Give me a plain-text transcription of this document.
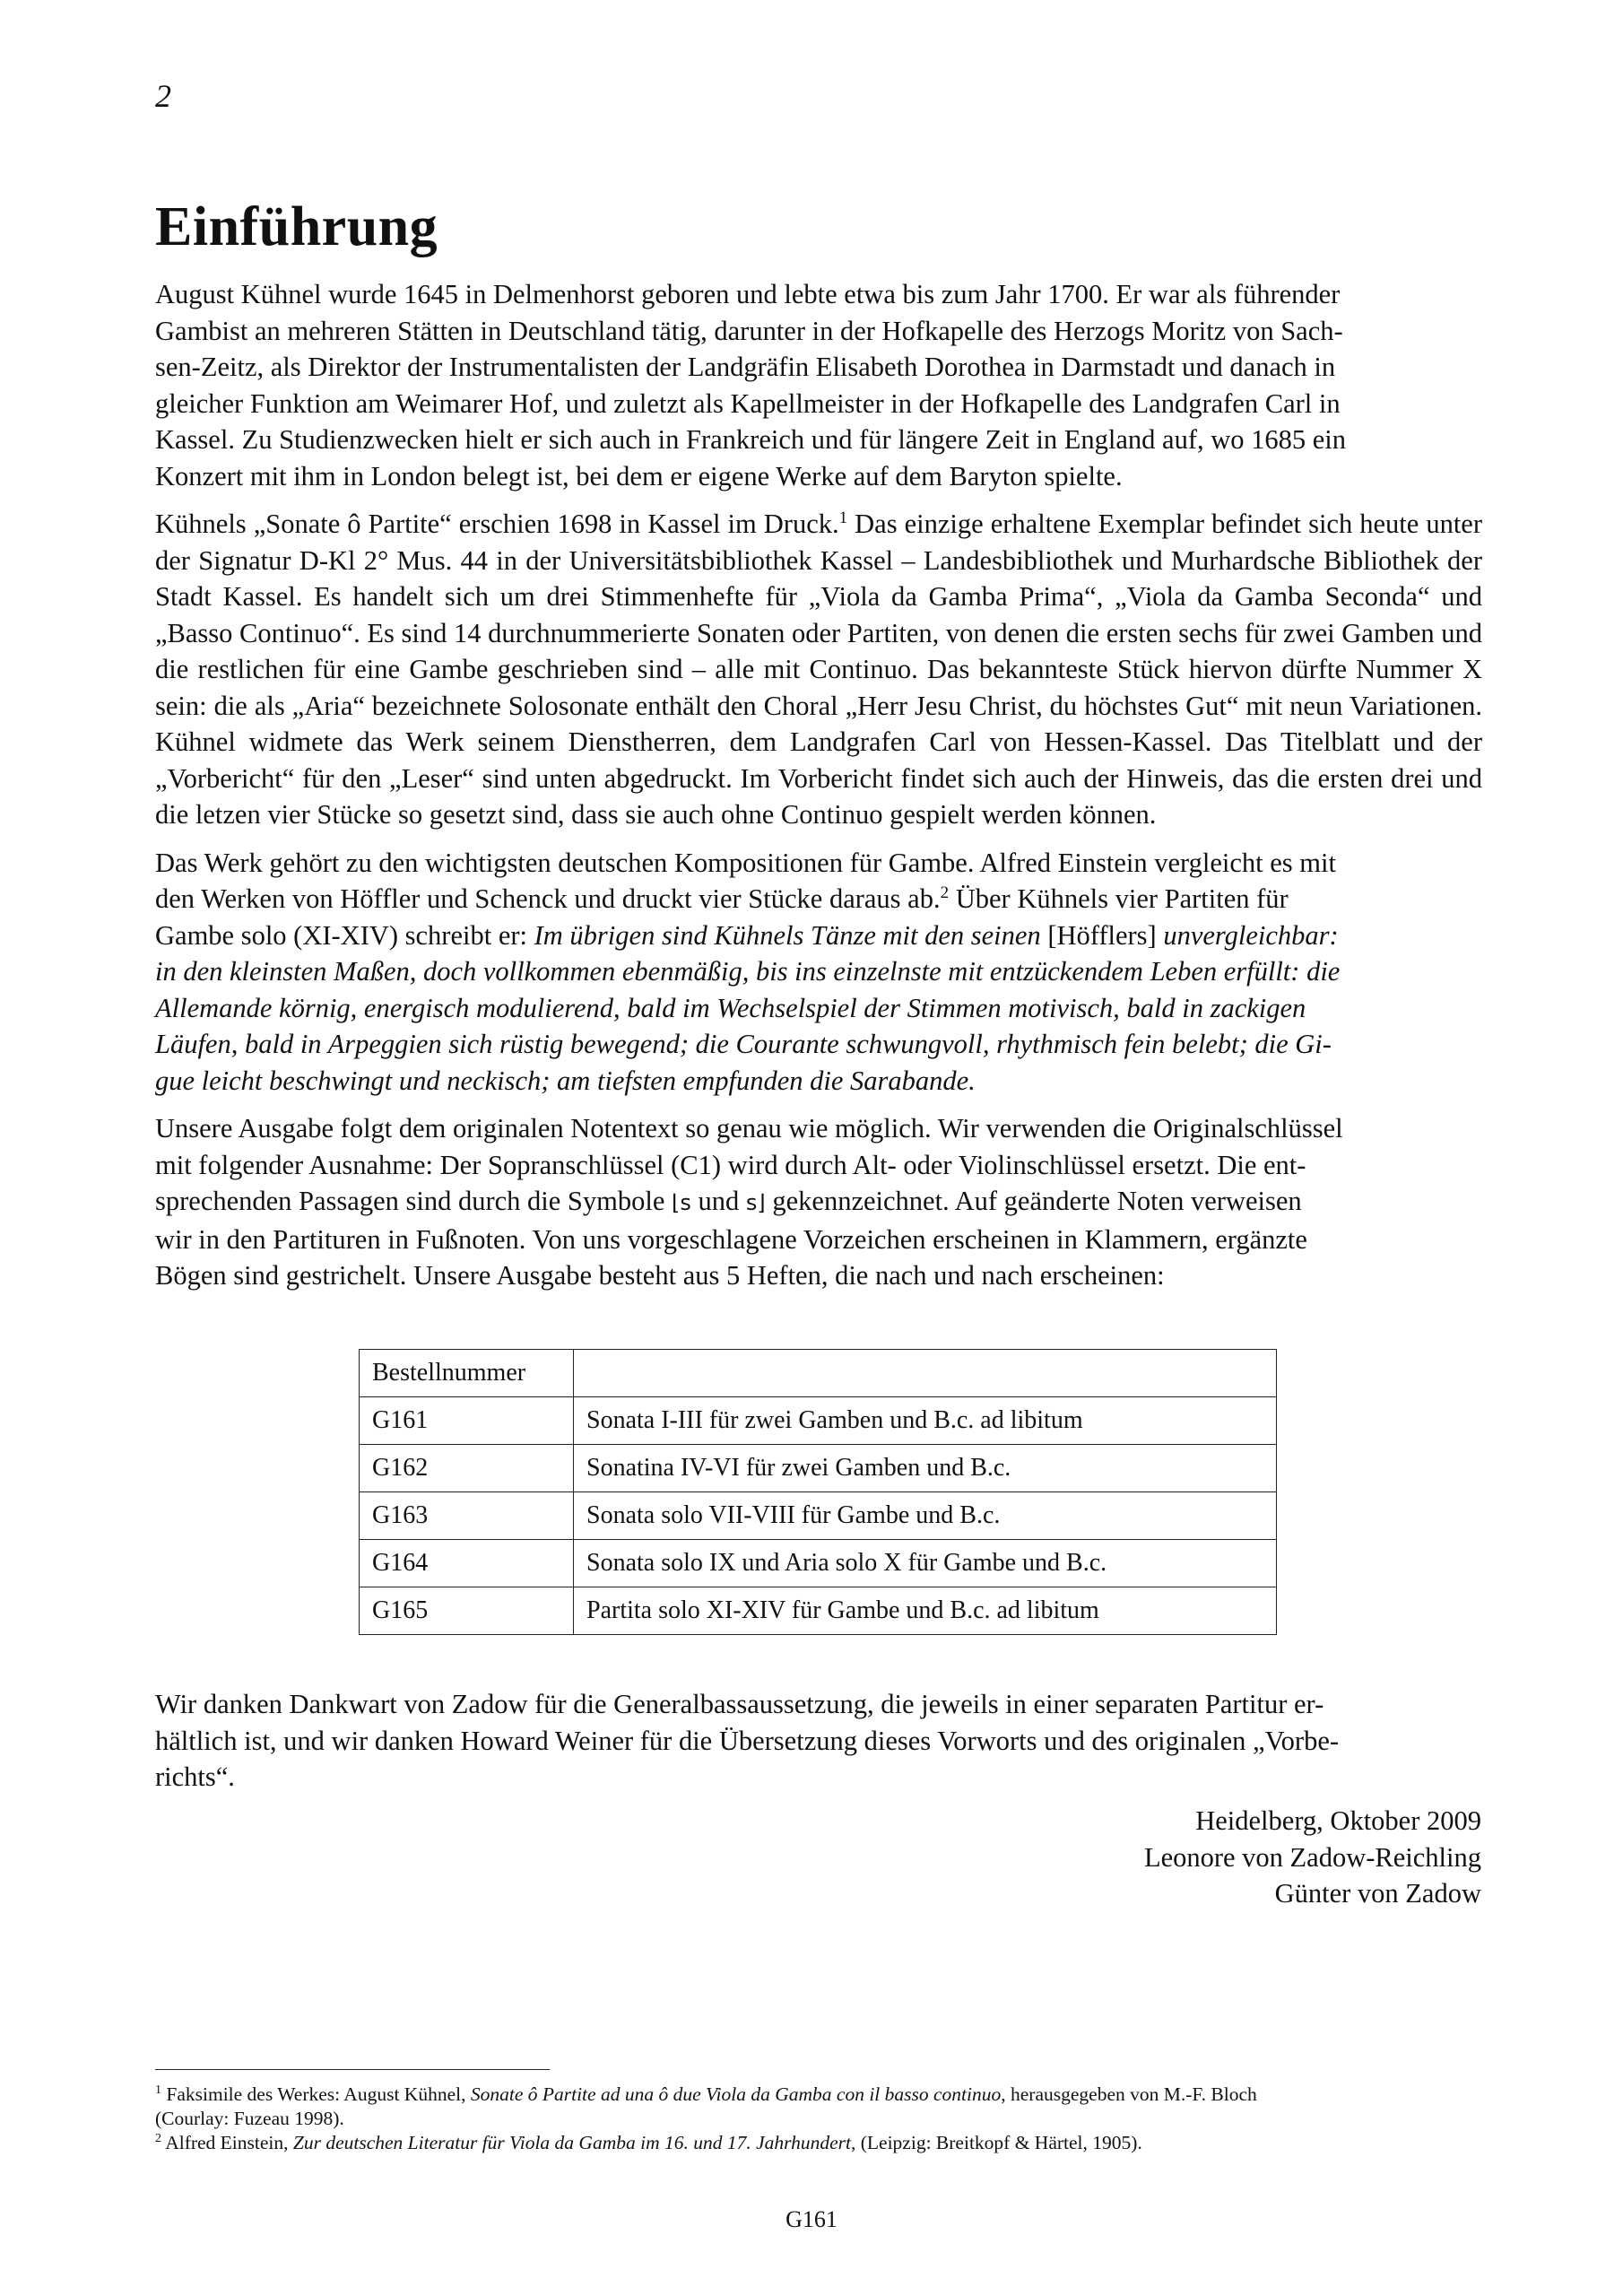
2
Einführung

August Kühnel wurde 1645 in Delmenhorst geboren und lebte etwa bis zum Jahr 1700. Er war als führender
Gambist an mehreren Stätten in Deutschland tätig, darunter in der Hofkapelle des Herzogs Moritz von Sach-
sen-Zeitz, als Direktor der Instrumentalisten der Landgräfin Elisabeth Dorothea in Darmstadt und danach in
gleicher Funktion am Weimarer Hof, und zuletzt als Kapellmeister in der Hofkapelle des Landgrafen Carl in
Kassel. Zu Studienzwecken hielt er sich auch in Frankreich und für längere Zeit in England auf, wo 1685 ein
Konzert mit ihm in London belegt ist, bei dem er eigene Werke auf dem Baryton spielte.

Kühnels „Sonate ô Partite“ erschien 1698 in Kassel im Druck.$^1$ Das einzige erhaltene Exemplar befindet sich heute unter der Signatur D-Kl 2° Mus. 44 in der Universitätsbibliothek Kassel – Landesbibliothek und Murhardsche Bibliothek der Stadt Kassel. Es handelt sich um drei Stimmenhefte für „Viola da Gamba Prima“, „Viola da Gamba Seconda“ und „Basso Continuo“. Es sind 14 durchnummerierte Sonaten oder Partiten, von denen die ersten sechs für zwei Gamben und die restlichen für eine Gambe geschrieben sind – alle mit Continuo. Das bekannteste Stück hiervon dürfte Nummer X sein: die als „Aria“ bezeichnete Solosonate enthält den Choral „Herr Jesu Christ, du höchstes Gut“ mit neun Variationen. Kühnel widmete das Werk seinem Dienstherren, dem Landgrafen Carl von Hessen-Kassel. Das Titelblatt und der „Vorbericht“ für den „Leser“ sind unten abgedruckt. Im Vorbericht findet sich auch der Hinweis, das die ersten drei und die letzen vier Stücke so gesetzt sind, dass sie auch ohne Continuo gespielt werden können.

Das Werk gehört zu den wichtigsten deutschen Kompositionen für Gambe. Alfred Einstein vergleicht es mit
den Werken von Höffler und Schenck und druckt vier Stücke daraus ab.$^2$ Über Kühnels vier Partiten für
Gambe solo (XI-XIV) schreibt er: Im übrigen sind Kühnels Tänze mit den seinen [Höfflers] unvergleichbar:
in den kleinsten Maßen, doch vollkommen ebenmäßig, bis ins einzelnste mit entzückendem Leben erfüllt: die
Allemande körnig, energisch modulierend, bald im Wechselspiel der Stimmen motivisch, bald in zackigen
Läufen, bald in Arpeggien sich rüstig bewegend; die Courante schwungvoll, rhythmisch fein belebt; die Gi-
gue leicht beschwingt und neckisch; am tiefsten empfunden die Sarabande.

Unsere Ausgabe folgt dem originalen Notentext so genau wie möglich. Wir verwenden die Originalschlüssel
mit folgender Ausnahme: Der Sopranschlüssel (C1) wird durch Alt- oder Violinschlüssel ersetzt. Die ent-
sprechenden Passagen sind durch die Symbole ⌊s und s⌋ gekennzeichnet. Auf geänderte Noten verweisen
wir in den Partituren in Fußnoten. Von uns vorgeschlagene Vorzeichen erscheinen in Klammern, ergänzte
Bögen sind gestrichelt. Unsere Ausgabe besteht aus 5 Heften, die nach und nach erscheinen:

Bestellnummer	
G161	Sonata I-III für zwei Gamben und B.c. ad libitum
G162	Sonatina IV-VI für zwei Gamben und B.c.
G163	Sonata solo VII-VIII für Gambe und B.c.
G164	Sonata solo IX und Aria solo X für Gambe und B.c.
G165	Partita solo XI-XIV für Gambe und B.c. ad libitum

Wir danken Dankwart von Zadow für die Generalbassaussetzung, die jeweils in einer separaten Partitur er-
hältlich ist, und wir danken Howard Weiner für die Übersetzung dieses Vorworts und des originalen „Vorbe-
richts“.

Heidelberg, Oktober 2009
Leonore von Zadow-Reichling
Günter von Zadow

$^1$ Faksimile des Werkes: August Kühnel, Sonate ô Partite ad una ô due Viola da Gamba con il basso continuo, herausgegeben von M.-F. Bloch
(Courlay: Fuzeau 1998).

$^2$ Alfred Einstein, Zur deutschen Literatur für Viola da Gamba im 16. und 17. Jahrhundert, (Leipzig: Breitkopf & Härtel, 1905).

G161
